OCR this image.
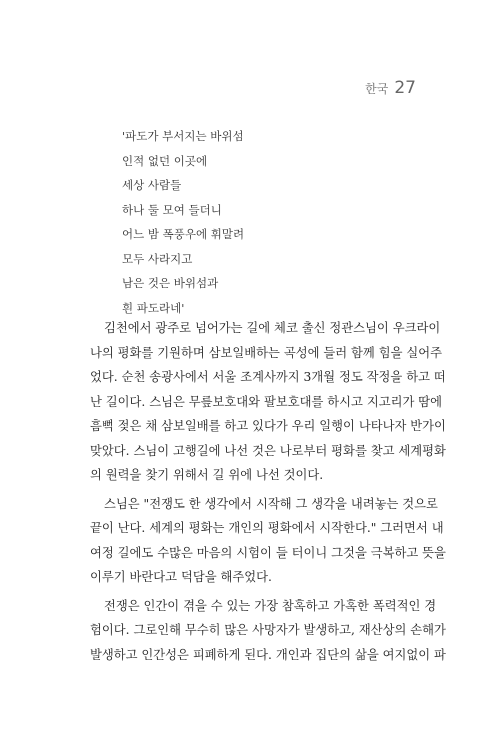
한국 27
'파도가 부서지는 바위섬
인적 없던 이곳에
세상 사람들
하나 둘 모여 들더니
어느 밤 폭풍우에 휘말려
모두 사라지고
남은 것은 바위섬과
흰 파도라네'
김천에서 광주로 넘어가는 길에 체코 출신 정관스님이 우크라이
나의 평화를 기원하며 삼보일배하는 곡성에 들러 함께 힘을 실어주
었다. 순천 송광사에서 서울 조계사까지 3개월 정도 작정을 하고 떠
난 길이다. 스님은 무릎보호대와 팔보호대를 하시고 지고리가 땀에
흠뻑 젖은 채 삼보일배를 하고 있다가 우리 일행이 나타나자 반가이
맞았다. 스님이 고행길에 나선 것은 나로부터 평화를 찾고 세계평화
의 원력을 찾기 위해서 길 위에 나선 것이다.
스님은 "전쟁도 한 생각에서 시작해 그 생각을 내려놓는 것으로
끝이 난다. 세계의 평화는 개인의 평화에서 시작한다." 그러면서 내
여정 길에도 수많은 마음의 시험이 들 터이니 그것을 극복하고 뜻을
이루기 바란다고 덕담을 해주었다.
전쟁은 인간이 겪을 수 있는 가장 참혹하고 가혹한 폭력적인 경
험이다. 그로인해 무수히 많은 사망자가 발생하고, 재산상의 손해가
발생하고 인간성은 피폐하게 된다. 개인과 집단의 삶을 여지없이 파
